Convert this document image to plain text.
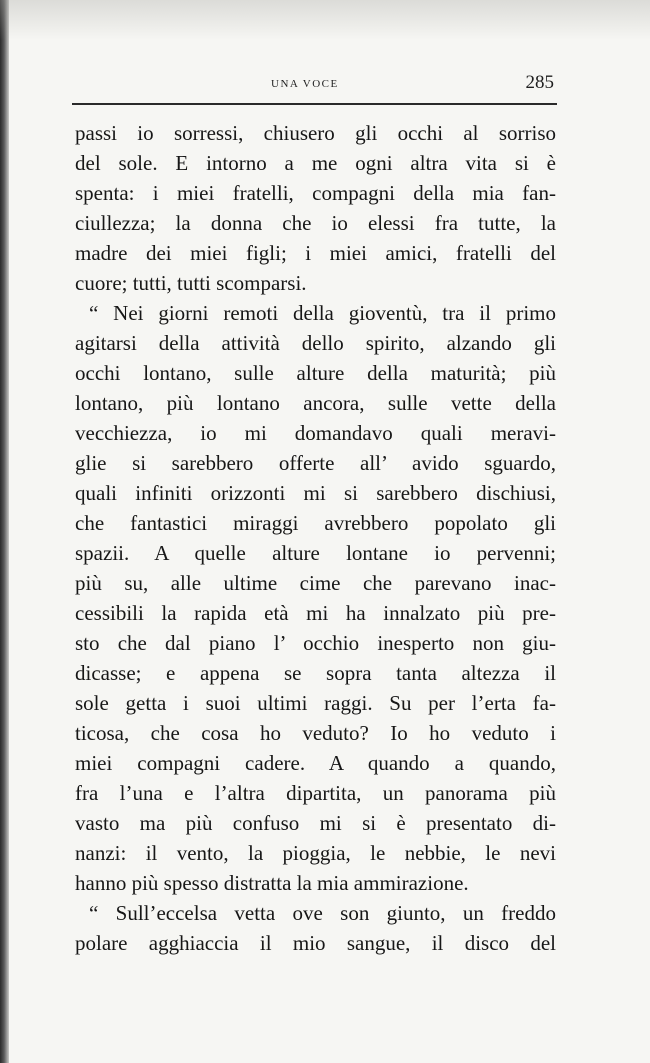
UNA VOCE	285
passi io sorressi, chiusero gli occhi al sorriso
del sole. E intorno a me ogni altra vita si è
spenta: i miei fratelli, compagni della mia fan-
ciullezza; la donna che io elessi fra tutte, la
madre dei miei figli; i miei amici, fratelli del
cuore; tutti, tutti scomparsi.
“ Nei giorni remoti della gioventù, tra il primo
agitarsi della attività dello spirito, alzando gli
occhi lontano, sulle alture della maturità; più
lontano, più lontano ancora, sulle vette della
vecchiezza, io mi domandavo quali meravi-
glie si sarebbero offerte all’ avido sguardo,
quali infiniti orizzonti mi si sarebbero dischiusi,
che fantastici miraggi avrebbero popolato gli
spazii. A quelle alture lontane io pervenni;
più su, alle ultime cime che parevano inac-
cessibili la rapida età mi ha innalzato più pre-
sto che dal piano l’ occhio inesperto non giu-
dicasse; e appena se sopra tanta altezza il
sole getta i suoi ultimi raggi. Su per l’erta fa-
ticosa, che cosa ho veduto? Io ho veduto i
miei compagni cadere. A quando a quando,
fra l’una e l’altra dipartita, un panorama più
vasto ma più confuso mi si è presentato di-
nanzi: il vento, la pioggia, le nebbie, le nevi
hanno più spesso distratta la mia ammirazione.
“ Sull’eccelsa vetta ove son giunto, un freddo
polare agghiaccia il mio sangue, il disco del
